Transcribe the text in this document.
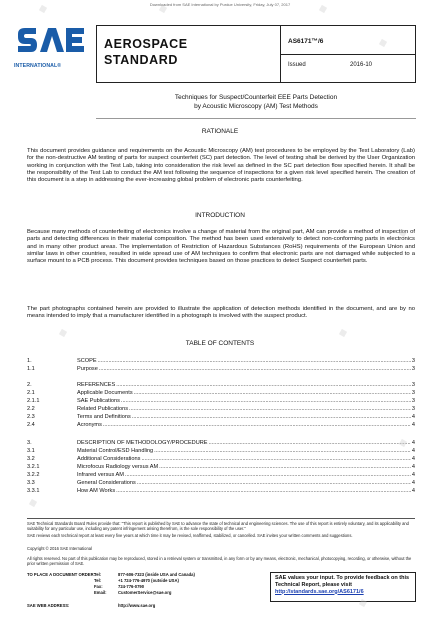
Downloaded from SAE International by Purdue University, Friday, July 07, 2017
INTERNATIONAL®
AEROSPACE
STANDARD
AS6171™/6
Issued	2016-10
Techniques for Suspect/Counterfeit EEE Parts Detection
by Acoustic Microscopy (AM) Test Methods
RATIONALE
This document provides guidance and requirements on the Acoustic Microscopy (AM) test procedures to be employed by the Test Laboratory (Lab) for the non-destructive AM testing of parts for suspect counterfeit (SC) part detection. The level of testing shall be derived by the User Organization working in conjunction with the Test Lab, taking into consideration the risk level as defined in the SC part detection flow specified herein. It shall be the responsibility of the Test Lab to conduct the AM test following the sequence of inspections for a given risk level specified herein. The creation of this document is a step in addressing the ever-increasing global problem of electronic parts counterfeiting.
INTRODUCTION
Because many methods of counterfeiting of electronics involve a change of material from the original part, AM can provide a method of inspection of parts and detecting differences in their material composition. The method has been used extensively to detect non-conforming parts in electronics and in many other product areas. The implementation of Restriction of Hazardous Substances (RoHS) requirements of the European Union and similar laws in other countries, resulted in wide spread use of AM techniques to confirm that electronic parts are not damaged while subjected to a surface mount to a PCB process. This document provides techniques based on those practices to detect Suspect counterfeit parts.
The part photographs contained herein are provided to illustrate the application of detection methods identified in the document, and are by no means intended to imply that a manufacturer identified in a photograph is involved with the suspect product.
TABLE OF CONTENTS
1.	SCOPE .....	3
1.1	Purpose .....	3
2.	REFERENCES .....	3
2.1	Applicable Documents .....	3
2.1.1	SAE Publications .....	3
2.2	Related Publications .....	3
2.3	Terms and Definitions .....	4
2.4	Acronyms .....	4
3.	DESCRIPTION OF METHODOLOGY/PROCEDURE .....	4
3.1	Material Control/ESD Handling .....	4
3.2	Additional Considerations .....	4
3.2.1	Microfocus Radiology versus AM .....	4
3.2.2	Infrared versus AM .....	4
3.3	General Considerations .....	4
3.3.1	How AM Works .....	4
SAE Technical Standards Board Rules provide that: "This report is published by SAE to advance the state of technical and engineering sciences. The use of this report is entirely voluntary, and its applicability and suitability for any particular use, including any patent infringement arising therefrom, is the sole responsibility of the user."
SAE reviews each technical report at least every five years at which time it may be revised, reaffirmed, stabilized, or cancelled. SAE invites your written comments and suggestions.
Copyright © 2016 SAE International
All rights reserved. No part of this publication may be reproduced, stored in a retrieval system or transmitted, in any form or by any means, electronic, mechanical, photocopying, recording, or otherwise, without the prior written permission of SAE.
TO PLACE A DOCUMENT ORDER:
Tel:	877-606-7323 (inside USA and Canada)
Tel:	+1 724-776-4970 (outside USA)
Fax:	724-776-0790
Email:	CustomerService@sae.org
SAE WEB ADDRESS:	http://www.sae.org
SAE values your input. To provide feedback on this
Technical Report, please visit
http://standards.sae.org/AS6171/6
